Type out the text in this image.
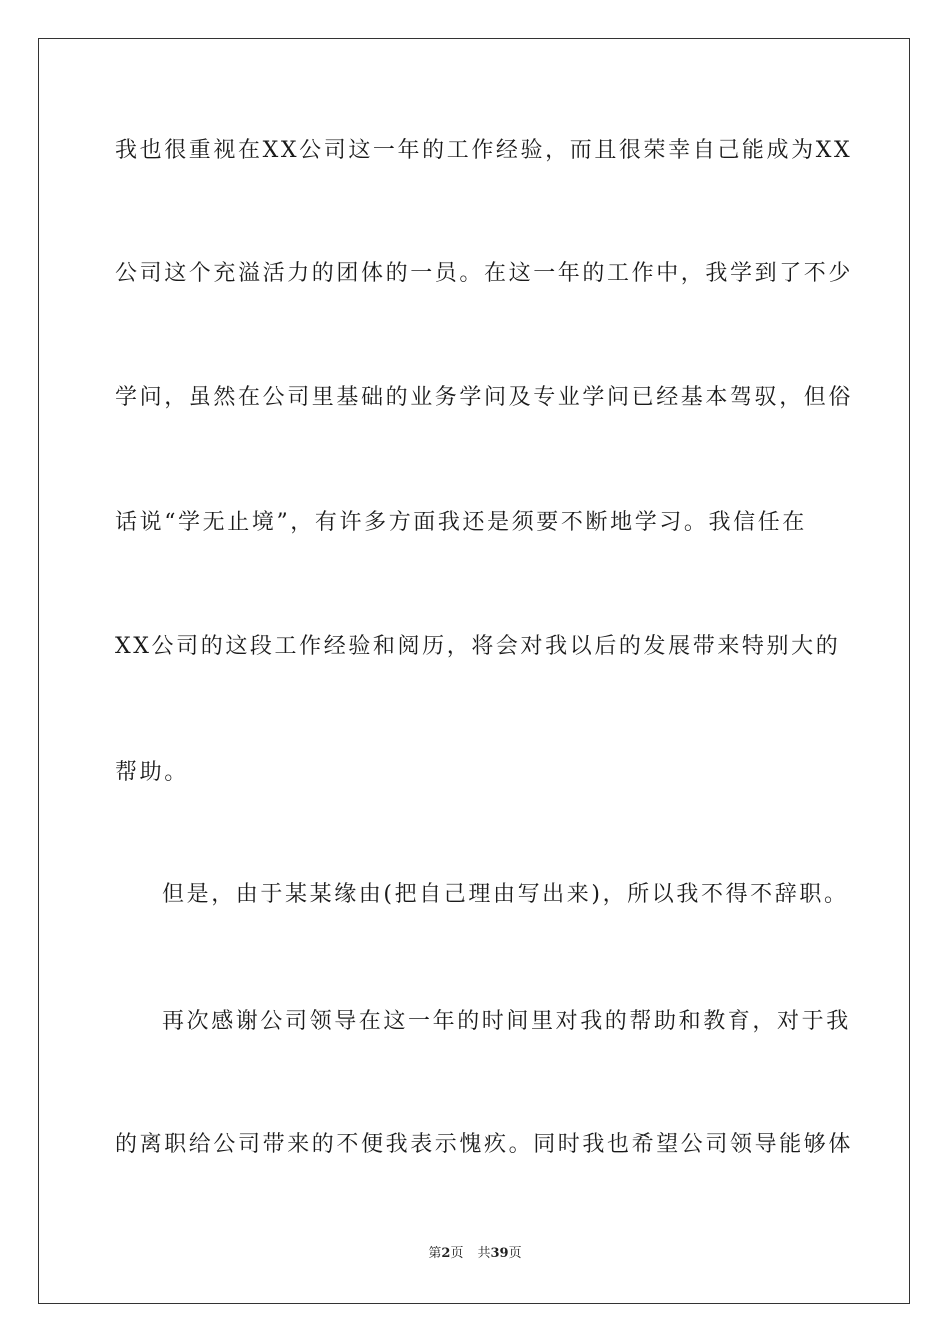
我也很重视在XX公司这一年的工作经验，而且很荣幸自己能成为XX
公司这个充溢活力的团体的一员。在这一年的工作中，我学到了不少
学问，虽然在公司里基础的业务学问及专业学问已经基本驾驭，但俗
话说“学无止境”，有许多方面我还是须要不断地学习。我信任在
XX公司的这段工作经验和阅历，将会对我以后的发展带来特别大的
帮助。
但是，由于某某缘由(把自己理由写出来)，所以我不得不辞职。
再次感谢公司领导在这一年的时间里对我的帮助和教育，对于我
的离职给公司带来的不便我表示愧疚。同时我也希望公司领导能够体
第2页 共39页
